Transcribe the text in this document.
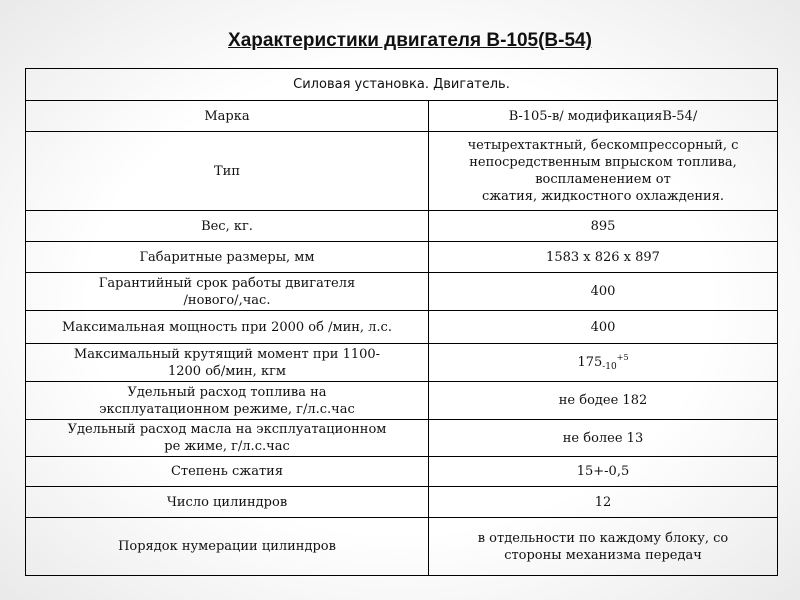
Характеристики двигателя В-105(В-54)
Силовая установка. Двигатель.	
Марка	В-105-в/ модификацияВ-54/
Тип	четырехтактный, бескомпрессорный, с
непосредственным впрыском топлива,
воспламенением от
сжатия, жидкостного охлаждения.

Вес, кг.	895
Габаритные размеры, мм	1583 х 826 х 897

Гарантийный срок работы двигателя
/нового/,час.	400
Максимальная мощность при 2000 об /мин, л.с.	400

Максимальный крутящий момент при 1100-
1200 об/мин, кгм	$175_{-10}^{+5}$

Удельный расход топлива на
эксплуатационном режиме, г/л.с.час	не бодее 182

Удельный расход масла на эксплуатационном
ре жиме, г/л.с.час	не более 13
Степень сжатия	15+-0,5
Число цилиндров	12
Порядок нумерации цилиндров	в отдельности по каждому блоку, со
стороны механизма передач
